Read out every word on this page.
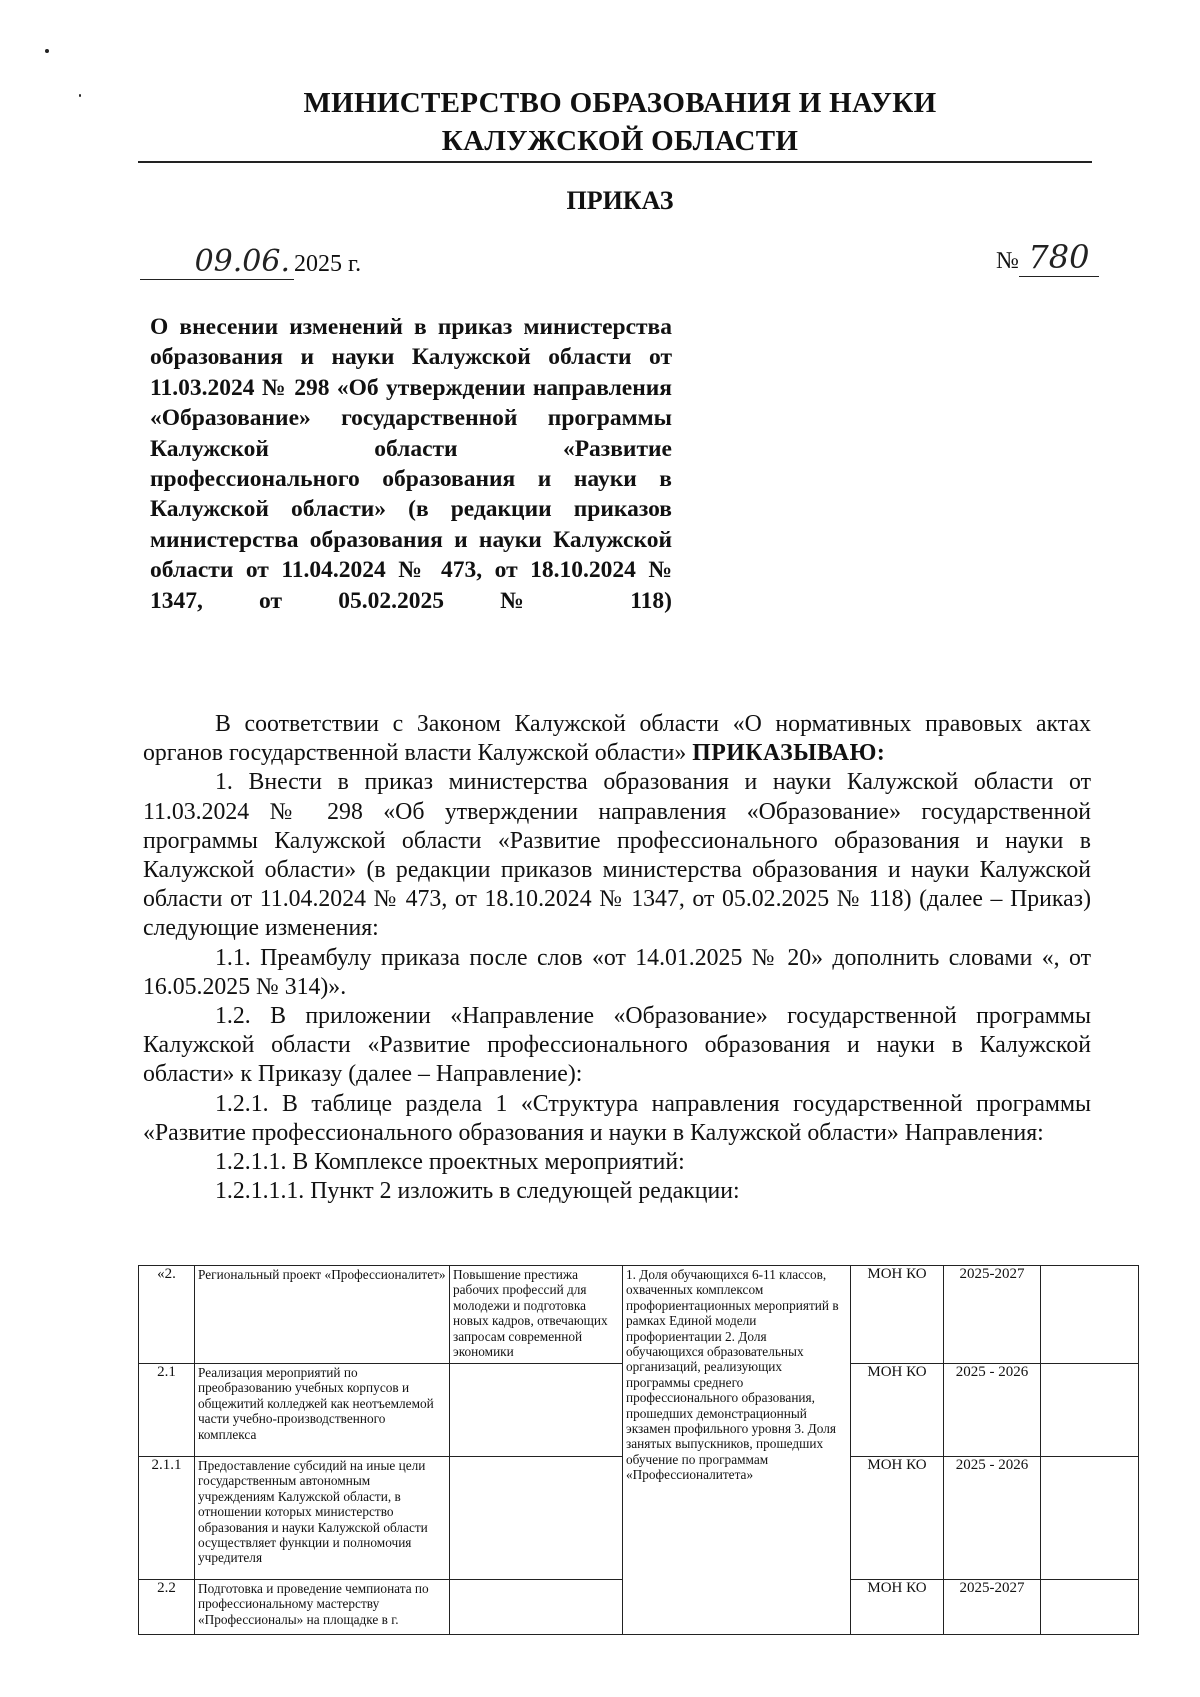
МИНИСТЕРСТВО ОБРАЗОВАНИЯ И НАУКИ
КАЛУЖСКОЙ ОБЛАСТИ
ПРИКАЗ
09.06. 2025 г.	№ 780
О внесении изменений в приказ министерства образования и науки Калужской области от 11.03.2024 № 298 «Об утверждении направления «Образование» государственной программы Калужской области «Развитие профессионального образования и науки в Калужской области» (в редакции приказов министерства образования и науки Калужской области от 11.04.2024 № 473, от 18.10.2024 № 1347, от 05.02.2025 № 118)

В соответствии с Законом Калужской области «О нормативных правовых актах органов государственной власти Калужской области» ПРИКАЗЫВАЮ:

1. Внести в приказ министерства образования и науки Калужской области от 11.03.2024 № 298 «Об утверждении направления «Образование» государственной программы Калужской области «Развитие профессионального образования и науки в Калужской области» (в редакции приказов министерства образования и науки Калужской области от 11.04.2024 № 473, от 18.10.2024 № 1347, от 05.02.2025 № 118) (далее – Приказ) следующие изменения:

1.1. Преамбулу приказа после слов «от 14.01.2025 № 20» дополнить словами «, от 16.05.2025 № 314)».

1.2. В приложении «Направление «Образование» государственной программы Калужской области «Развитие профессионального образования и науки в Калужской области» к Приказу (далее – Направление):

1.2.1. В таблице раздела 1 «Структура направления государственной программы «Развитие профессионального образования и науки в Калужской области» Направления:

1.2.1.1. В Комплексе проектных мероприятий:

1.2.1.1.1. Пункт 2 изложить в следующей редакции:

«2.	Региональный проект «Профессионалитет»	Повышение престижа рабочих профессий для молодежи и подготовка новых кадров, отвечающих запросам современной экономики	1. Доля обучающихся 6-11 классов, охваченных комплексом профориентационных мероприятий в рамках Единой модели профориентации 2. Доля обучающихся образовательных организаций, реализующих программы среднего профессионального образования, прошедших демонстрационный экзамен профильного уровня 3. Доля занятых выпускников, прошедших обучение по программам «Профессионалитета»	МОН КО	2025-2027	
2.1	Реализация мероприятий по преобразованию учебных корпусов и общежитий колледжей как неотъемлемой части учебно-производственного комплекса			МОН КО	2025 - 2026	
2.1.1	Предоставление субсидий на иные цели государственным автономным учреждениям Калужской области, в отношении которых министерство образования и науки Калужской области осуществляет функции и полномочия учредителя			МОН КО	2025 - 2026	
2.2	Подготовка и проведение чемпионата по профессиональному мастерству «Профессионалы» на площадке в г.			МОН КО	2025-2027	
